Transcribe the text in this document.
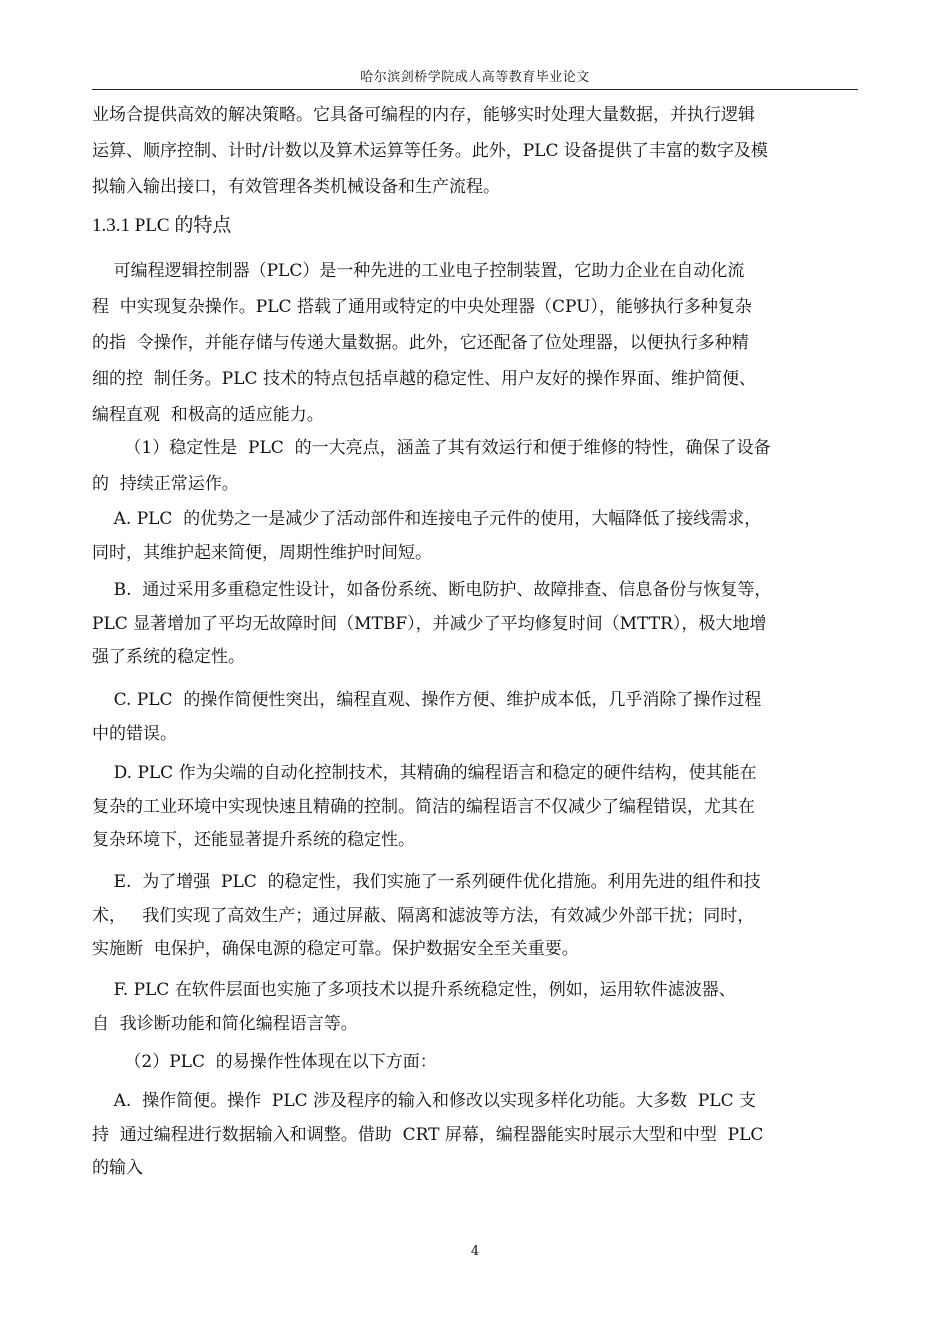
哈尔滨剑桥学院成人高等教育毕业论文
业场合提供高效的解决策略。它具备可编程的内存，能够实时处理大量数据，并执行逻辑
运算、顺序控制、计时/计数以及算术运算等任务。此外，PLC 设备提供了丰富的数字及模
拟输入输出接口，有效管理各类机械设备和生产流程。
1.3.1 PLC 的特点
可编程逻辑控制器（PLC）是一种先进的工业电子控制装置，它助力企业在自动化流
程  中实现复杂操作。PLC 搭载了通用或特定的中央处理器（CPU），能够执行多种复杂
的指  令操作，并能存储与传递大量数据。此外，它还配备了位处理器，以便执行多种精
细的控  制任务。PLC 技术的特点包括卓越的稳定性、用户友好的操作界面、维护简便、
编程直观  和极高的适应能力。
（1）稳定性是  PLC  的一大亮点，涵盖了其有效运行和便于维修的特性，确保了设备
的  持续正常运作。
A. PLC  的优势之一是减少了活动部件和连接电子元件的使用，大幅降低了接线需求，
同时，其维护起来简便，周期性维护时间短。
B.  通过采用多重稳定性设计，如备份系统、断电防护、故障排查、信息备份与恢复等，
PLC 显著增加了平均无故障时间（MTBF），并减少了平均修复时间（MTTR），极大地增
强了系统的稳定性。
C. PLC  的操作简便性突出，编程直观、操作方便、维护成本低，几乎消除了操作过程
中的错误。
D. PLC 作为尖端的自动化控制技术，其精确的编程语言和稳定的硬件结构，使其能在
复杂的工业环境中实现快速且精确的控制。简洁的编程语言不仅减少了编程错误，尤其在
复杂环境下，还能显著提升系统的稳定性。
E.  为了增强  PLC  的稳定性，我们实施了一系列硬件优化措施。利用先进的组件和技
术，   我们实现了高效生产；通过屏蔽、隔离和滤波等方法，有效减少外部干扰；同时，
实施断  电保护，确保电源的稳定可靠。保护数据安全至关重要。
F. PLC 在软件层面也实施了多项技术以提升系统稳定性，例如，运用软件滤波器、
自  我诊断功能和简化编程语言等。
（2）PLC  的易操作性体现在以下方面：
A.  操作简便。操作  PLC 涉及程序的输入和修改以实现多样化功能。大多数  PLC 支
持  通过编程进行数据输入和调整。借助  CRT 屏幕，编程器能实时展示大型和中型  PLC
的输入
4
